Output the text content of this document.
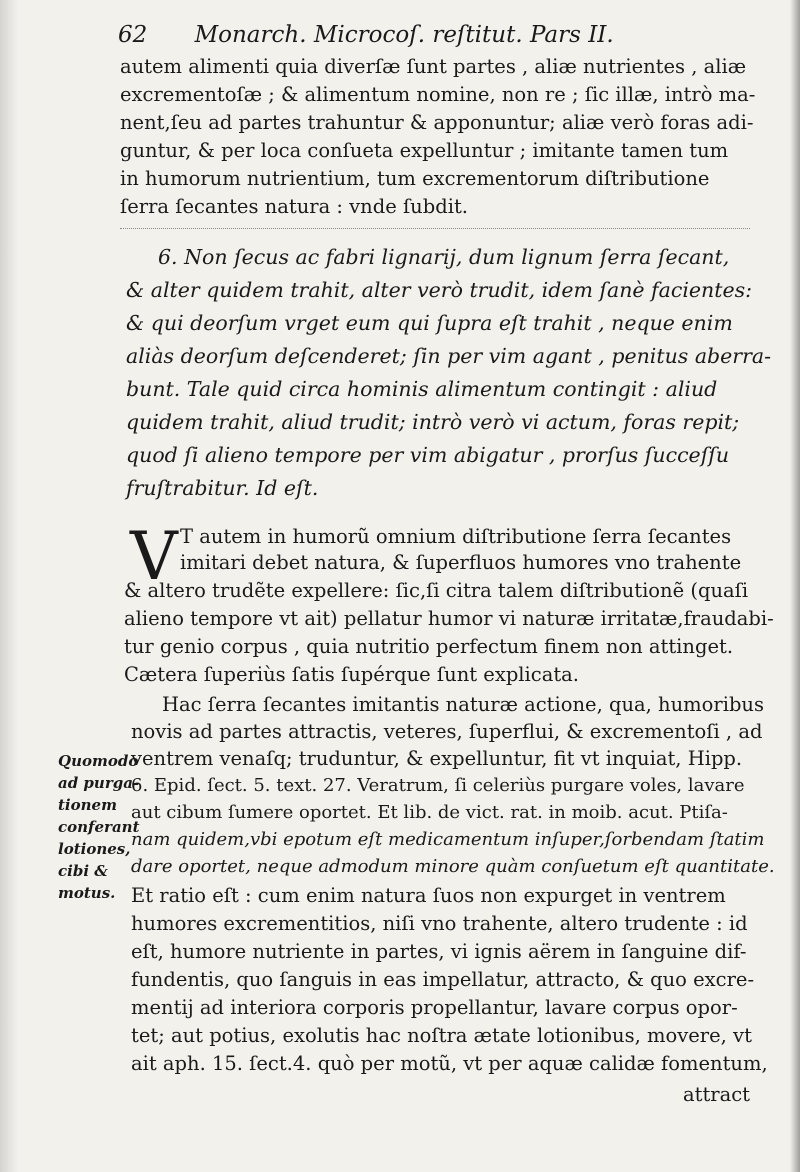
62 Monarch. Microcoſ. reſtitut. Pars II.
autem alimenti quia diverſæ ſunt partes , aliæ nutrientes , aliæ
excrementoſæ ; & alimentum nomine, non re ; ſic illæ, intrò ma-
nent,ſeu ad partes trahuntur & apponuntur; aliæ verò foras adi-
guntur, & per loca conſueta expelluntur ; imitante tamen tum
in humorum nutrientium, tum excrementorum diſtributione
ſerra ſecantes natura : vnde ſubdit.
6. Non ſecus ac fabri lignarij, dum lignum ſerra ſecant,
& alter quidem trahit, alter verò trudit, idem ſanè facientes:
& qui deorſum vrget eum qui ſupra eſt trahit , neque enim
aliàs deorſum deſcenderet; ſin per vim agant , penitus aberra-
bunt. Tale quid circa hominis alimentum contingit : aliud
quidem trahit, aliud trudit; intrò verò vi actum, foras repit;
quod ſi alieno tempore per vim abigatur , prorſus ſucceſſu
fruſtrabitur. Id eſt.
V T autem in humorũ omnium diſtributione ſerra ſecantes
imitari debet natura, & ſuperfluos humores vno trahente
& altero trudẽte expellere: ſic,ſi citra talem diſtributionẽ (quaſi
alieno tempore vt ait) pellatur humor vi naturæ irritatæ,fraudabi-
tur genio corpus , quia nutritio perfectum finem non attinget.
Cætera ſuperiùs ſatis ſupérque ſunt explicata.
Hac ſerra ſecantes imitantis naturæ actione, qua, humoribus
novis ad partes attractis, veteres, ſuperflui, & excrementoſi , ad
ventrem venaſq; truduntur, & expelluntur, fit vt inquiat, Hipp.
6. Epid. ſect. 5. text. 27. Veratrum, ſi celeriùs purgare voles, lavare
aut cibum ſumere oportet. Et lib. de vict. rat. in moib. acut. Ptiſa-
nam quidem,vbi epotum eſt medicamentum inſuper,ſorbendam ſtatim
dare oportet, neque admodum minore quàm conſuetum eſt quantitate.
Et ratio eſt : cum enim natura ſuos non expurget in ventrem
humores excrementitios, niſi vno trahente, altero trudente : id
eſt, humore nutriente in partes, vi ignis aërem in ſanguine dif-
fundentis, quo ſanguis in eas impellatur, attracto, & quo excre-
mentij ad interiora corporis propellantur, lavare corpus opor-
tet; aut potius, exolutis hac noſtra ætate lotionibus, movere, vt
ait aph. 15. ſect.4. quò per motũ, vt per aquæ calidæ fomentum,
attract
Quomodo
ad purga-
tionem
conferant
lotiones,
cibi &
motus.
